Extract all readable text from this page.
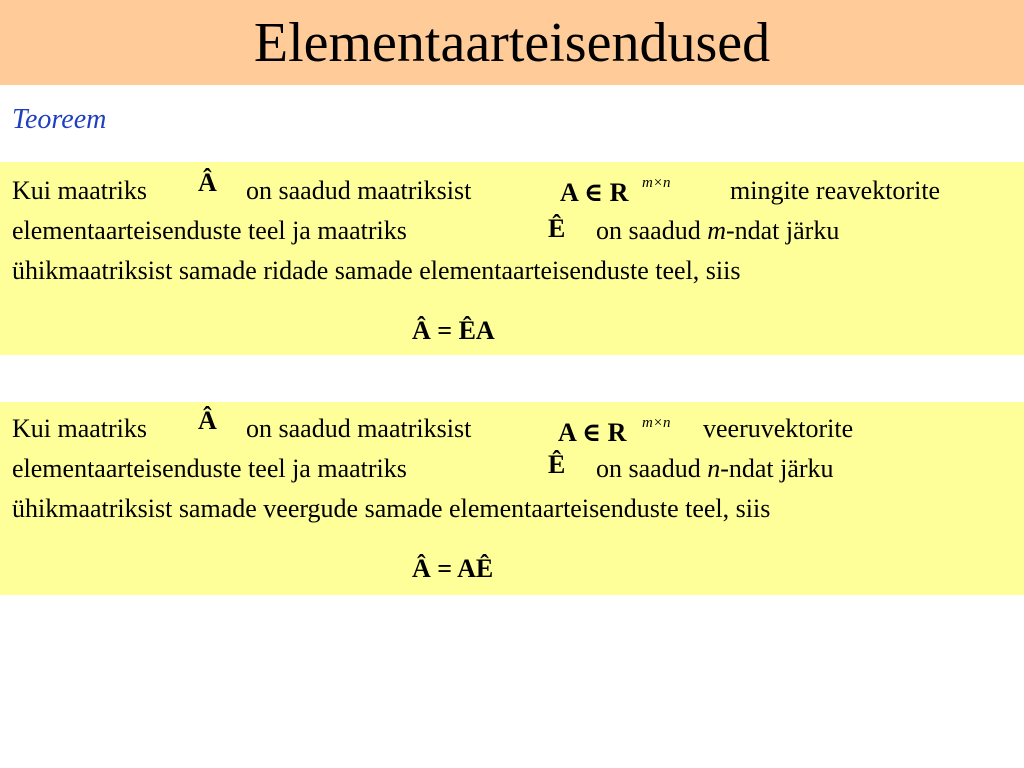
Elementaarteisendused
Teoreem
Kui maatriks Â on saadud maatriksist	A ∈ R m×n mingite reavektorite
elementaarteisenduste teel ja maatriks	Ê on saadud m-ndat järku
ühikmaatriksist samade ridade samade elementaarteisenduste teel, siis
Â = ÊA
Kui maatriks Â on saadud maatriksist	A ∈ R m×n veeruvektorite
elementaarteisenduste teel ja maatriks	Ê on saadud n-ndat järku
ühikmaatriksist samade veergude samade elementaarteisenduste teel, siis
Â = AÊ
